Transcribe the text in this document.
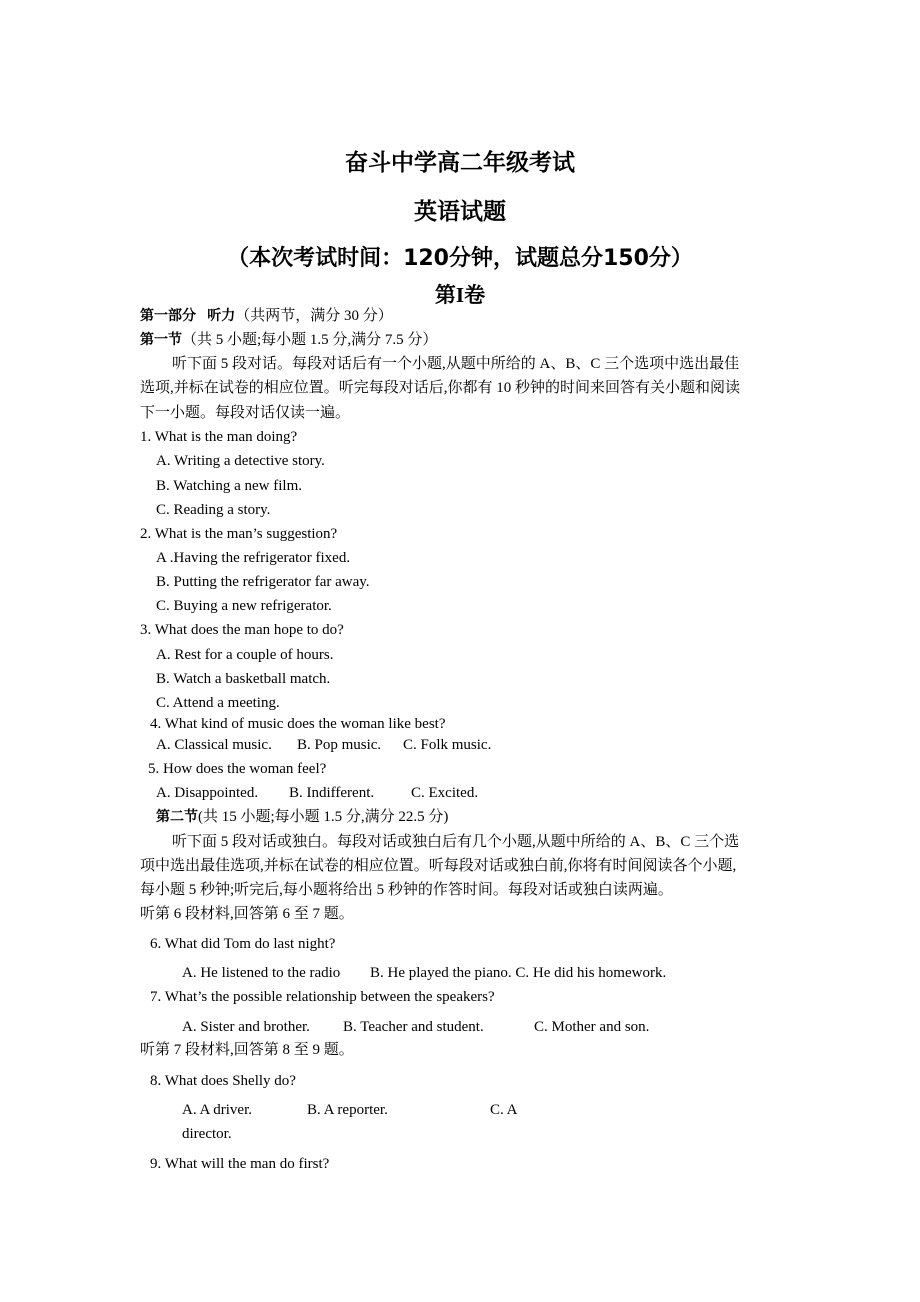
奋斗中学高二年级考试
英语试题
（本次考试时间：120分钟，试题总分150分）
第I卷
第一部分 听力（共两节，满分 30 分）
第一节（共 5 小题;每小题 1.5 分,满分 7.5 分）
听下面 5 段对话。每段对话后有一个小题,从题中所给的 A、B、C 三个选项中选出最佳
选项,并标在试卷的相应位置。听完每段对话后,你都有 10 秒钟的时间来回答有关小题和阅读
下一小题。每段对话仅读一遍。
1. What is the man doing?
A. Writing a detective story.
B. Watching a new film.
C. Reading a story.
2. What is the man’s suggestion?
A .Having the refrigerator fixed.
B. Putting the refrigerator far away.
C. Buying a new refrigerator.
3. What does the man hope to do?
A. Rest for a couple of hours.
B. Watch a basketball match.
C. Attend a meeting.
4. What kind of music does the woman like best?
A. Classical music. B. Pop music. C. Folk music.
5. How does the woman feel?
A. Disappointed. B. Indifferent. C. Excited.
第二节(共 15 小题;每小题 1.5 分,满分 22.5 分)
听下面 5 段对话或独白。每段对话或独白后有几个小题,从题中所给的 A、B、C 三个选
项中选出最佳选项,并标在试卷的相应位置。听每段对话或独白前,你将有时间阅读各个小题,
每小题 5 秒钟;听完后,每小题将给出 5 秒钟的作答时间。每段对话或独白读两遍。
听第 6 段材料,回答第 6 至 7 题。
6. What did Tom do last night?
A. He listened to the radio B. He played the piano. C. He did his homework.
7. What’s the possible relationship between the speakers?
A. Sister and brother. B. Teacher and student.	C. Mother and son.
听第 7 段材料,回答第 8 至 9 题。
8. What does Shelly do?
A. A driver.	B. A reporter.	C. A
director.
9. What will the man do first?
